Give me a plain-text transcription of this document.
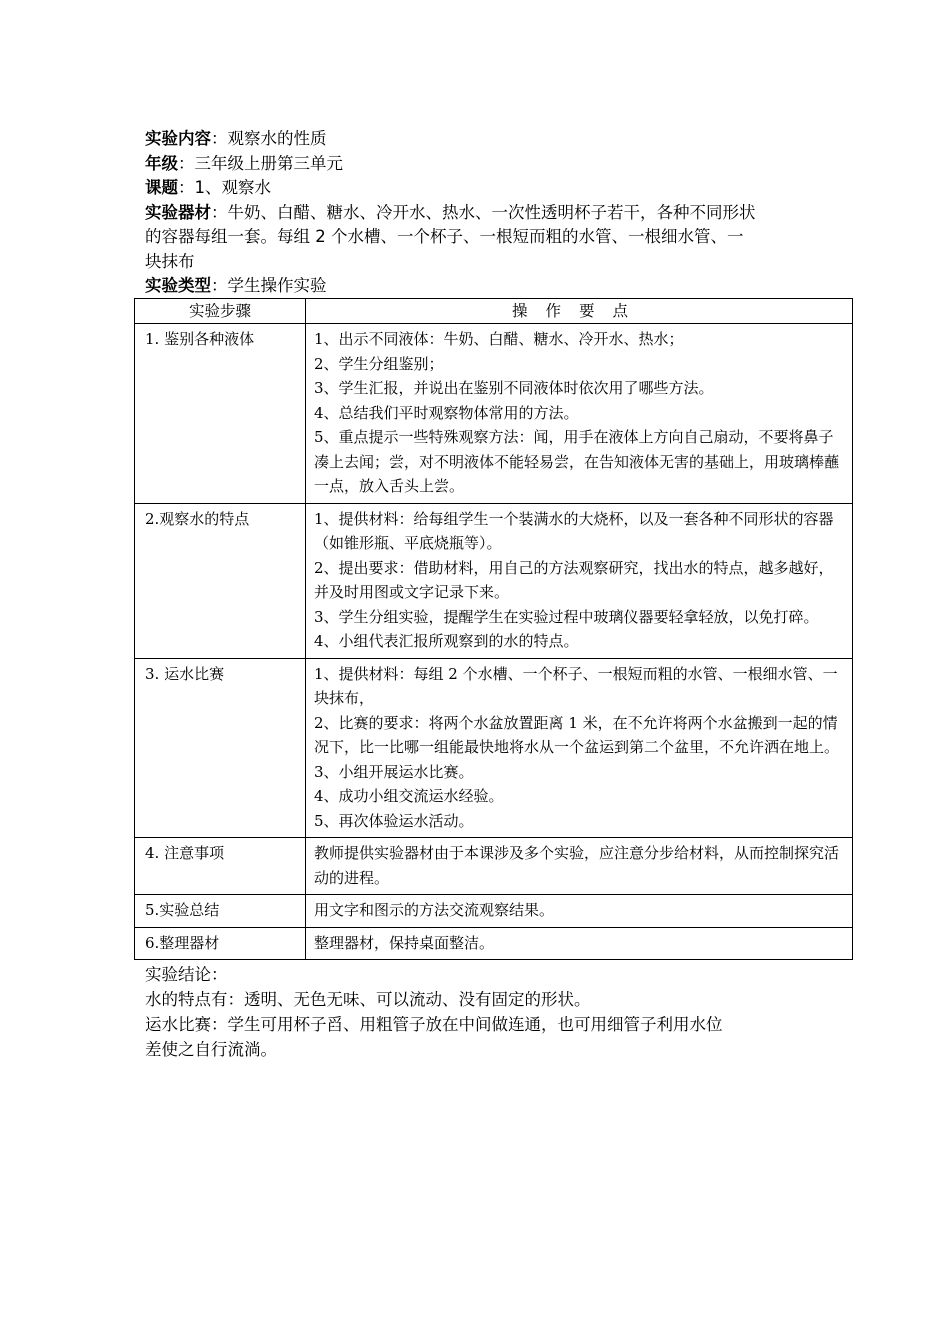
实验内容：观察水的性质

年级：三年级上册第三单元

课题：1、观察水

实验器材：牛奶、白醋、糖水、冷开水、热水、一次性透明杯子若干，各种不同形状

的容器每组一套。每组 2 个水槽、一个杯子、一根短而粗的水管、一根细水管、一

块抹布

实验类型：学生操作实验

实验步骤	操作要点
1. 鉴别各种液体	1、出示不同液体：牛奶、白醋、糖水、冷开水、热水；

2、学生分组鉴别；

3、学生汇报，并说出在鉴别不同液体时依次用了哪些方法。

4、总结我们平时观察物体常用的方法。

5、重点提示一些特殊观察方法：闻，用手在液体上方向自己扇动，不要将鼻子凑上去闻；尝，对不明液体不能轻易尝，在告知液体无害的基础上，用玻璃棒蘸一点，放入舌头上尝。

2.观察水的特点	1、提供材料：给每组学生一个装满水的大烧杯，以及一套各种不同形状的容器（如锥形瓶、平底烧瓶等）。

2、提出要求：借助材料，用自己的方法观察研究，找出水的特点，越多越好，并及时用图或文字记录下来。

3、学生分组实验，提醒学生在实验过程中玻璃仪器要轻拿轻放，以免打碎。

4、小组代表汇报所观察到的水的特点。

3. 运水比赛	1、提供材料：每组 2 个水槽、一个杯子、一根短而粗的水管、一根细水管、一块抹布，

2、比赛的要求：将两个水盆放置距离 1 米，在不允许将两个水盆搬到一起的情况下，比一比哪一组能最快地将水从一个盆运到第二个盆里，不允许洒在地上。

3、小组开展运水比赛。

4、成功小组交流运水经验。

5、再次体验运水活动。

4. 注意事项	教师提供实验器材由于本课涉及多个实验，应注意分步给材料，从而控制探究活动的进程。

5.实验总结	用文字和图示的方法交流观察结果。

6.整理器材	整理器材，保持桌面整洁。

实验结论：

水的特点有：透明、无色无味、可以流动、没有固定的形状。

运水比赛：学生可用杯子舀、用粗管子放在中间做连通，也可用细管子利用水位

差使之自行流淌。
